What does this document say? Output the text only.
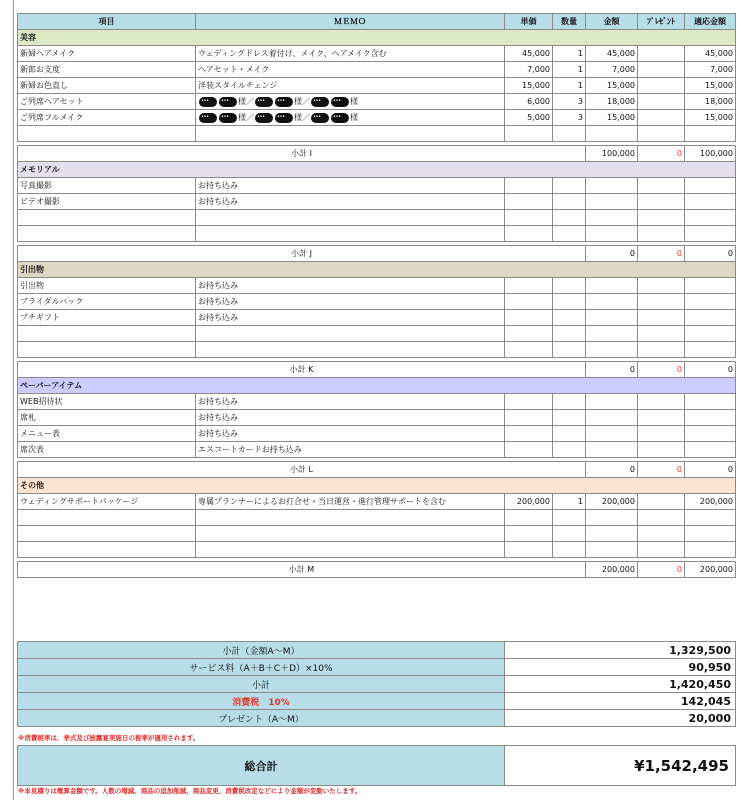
項目	ＭＥＭＯ	単価	数量	金額	ﾌﾟﾚｾﾞﾝﾄ	適応金額
美容						
新婦ヘアメイク	ウェディングドレス着付け、メイク、ヘアメイク含む	45,000	1	45,000		45,000
新郎お支度	ヘアセット・メイク	7,000	1	7,000		7,000
新婦お色直し	洋装スタイルチェンジ	15,000	1	15,000		15,000
ご列席ヘアセット	• • •• • •様／ • • • • • • 様／ • • • • • • 様	6,000	3	18,000		18,000
ご列席フルメイク	• • •• • •様／ • • • • • • 様／ • • • • • • 様	5,000	3	15,000		15,000

小計 I				100,000	0	100,000
メモリアル						
写真撮影	お持ち込み					
ビデオ撮影	お持ち込み					

小計 J				0	0	0
引出物						
引出物	お持ち込み					
ブライダルバック	お持ち込み					
プチギフト	お持ち込み					

小計 K				0	0	0
ペーパーアイテム						
WEB招待状	お持ち込み					
席札	お持ち込み					
メニュー表	お持ち込み					
席次表	エスコートカードお持ち込み					

小計 L				0	0	0
その他						
ウェディングサポートパッケージ	専属プランナーによるお打合せ・当日運営・進行管理サポートを含む	200,000	1	200,000		200,000

小計 M				200,000	0	200,000
小計（金額A～M）	1,329,500
サービス料（A＋B＋C＋D）×10%	90,950
小計	1,420,450
消費税　10%	142,045
プレゼント（A～M）	20,000
※消費税率は、挙式及び披露宴実施日の税率が適用されます。
総合計	¥1,542,495
※本見積りは概算金額です。人数の増減、商品の追加削減、商品変更、消費税改定などにより金額が変動いたします。
